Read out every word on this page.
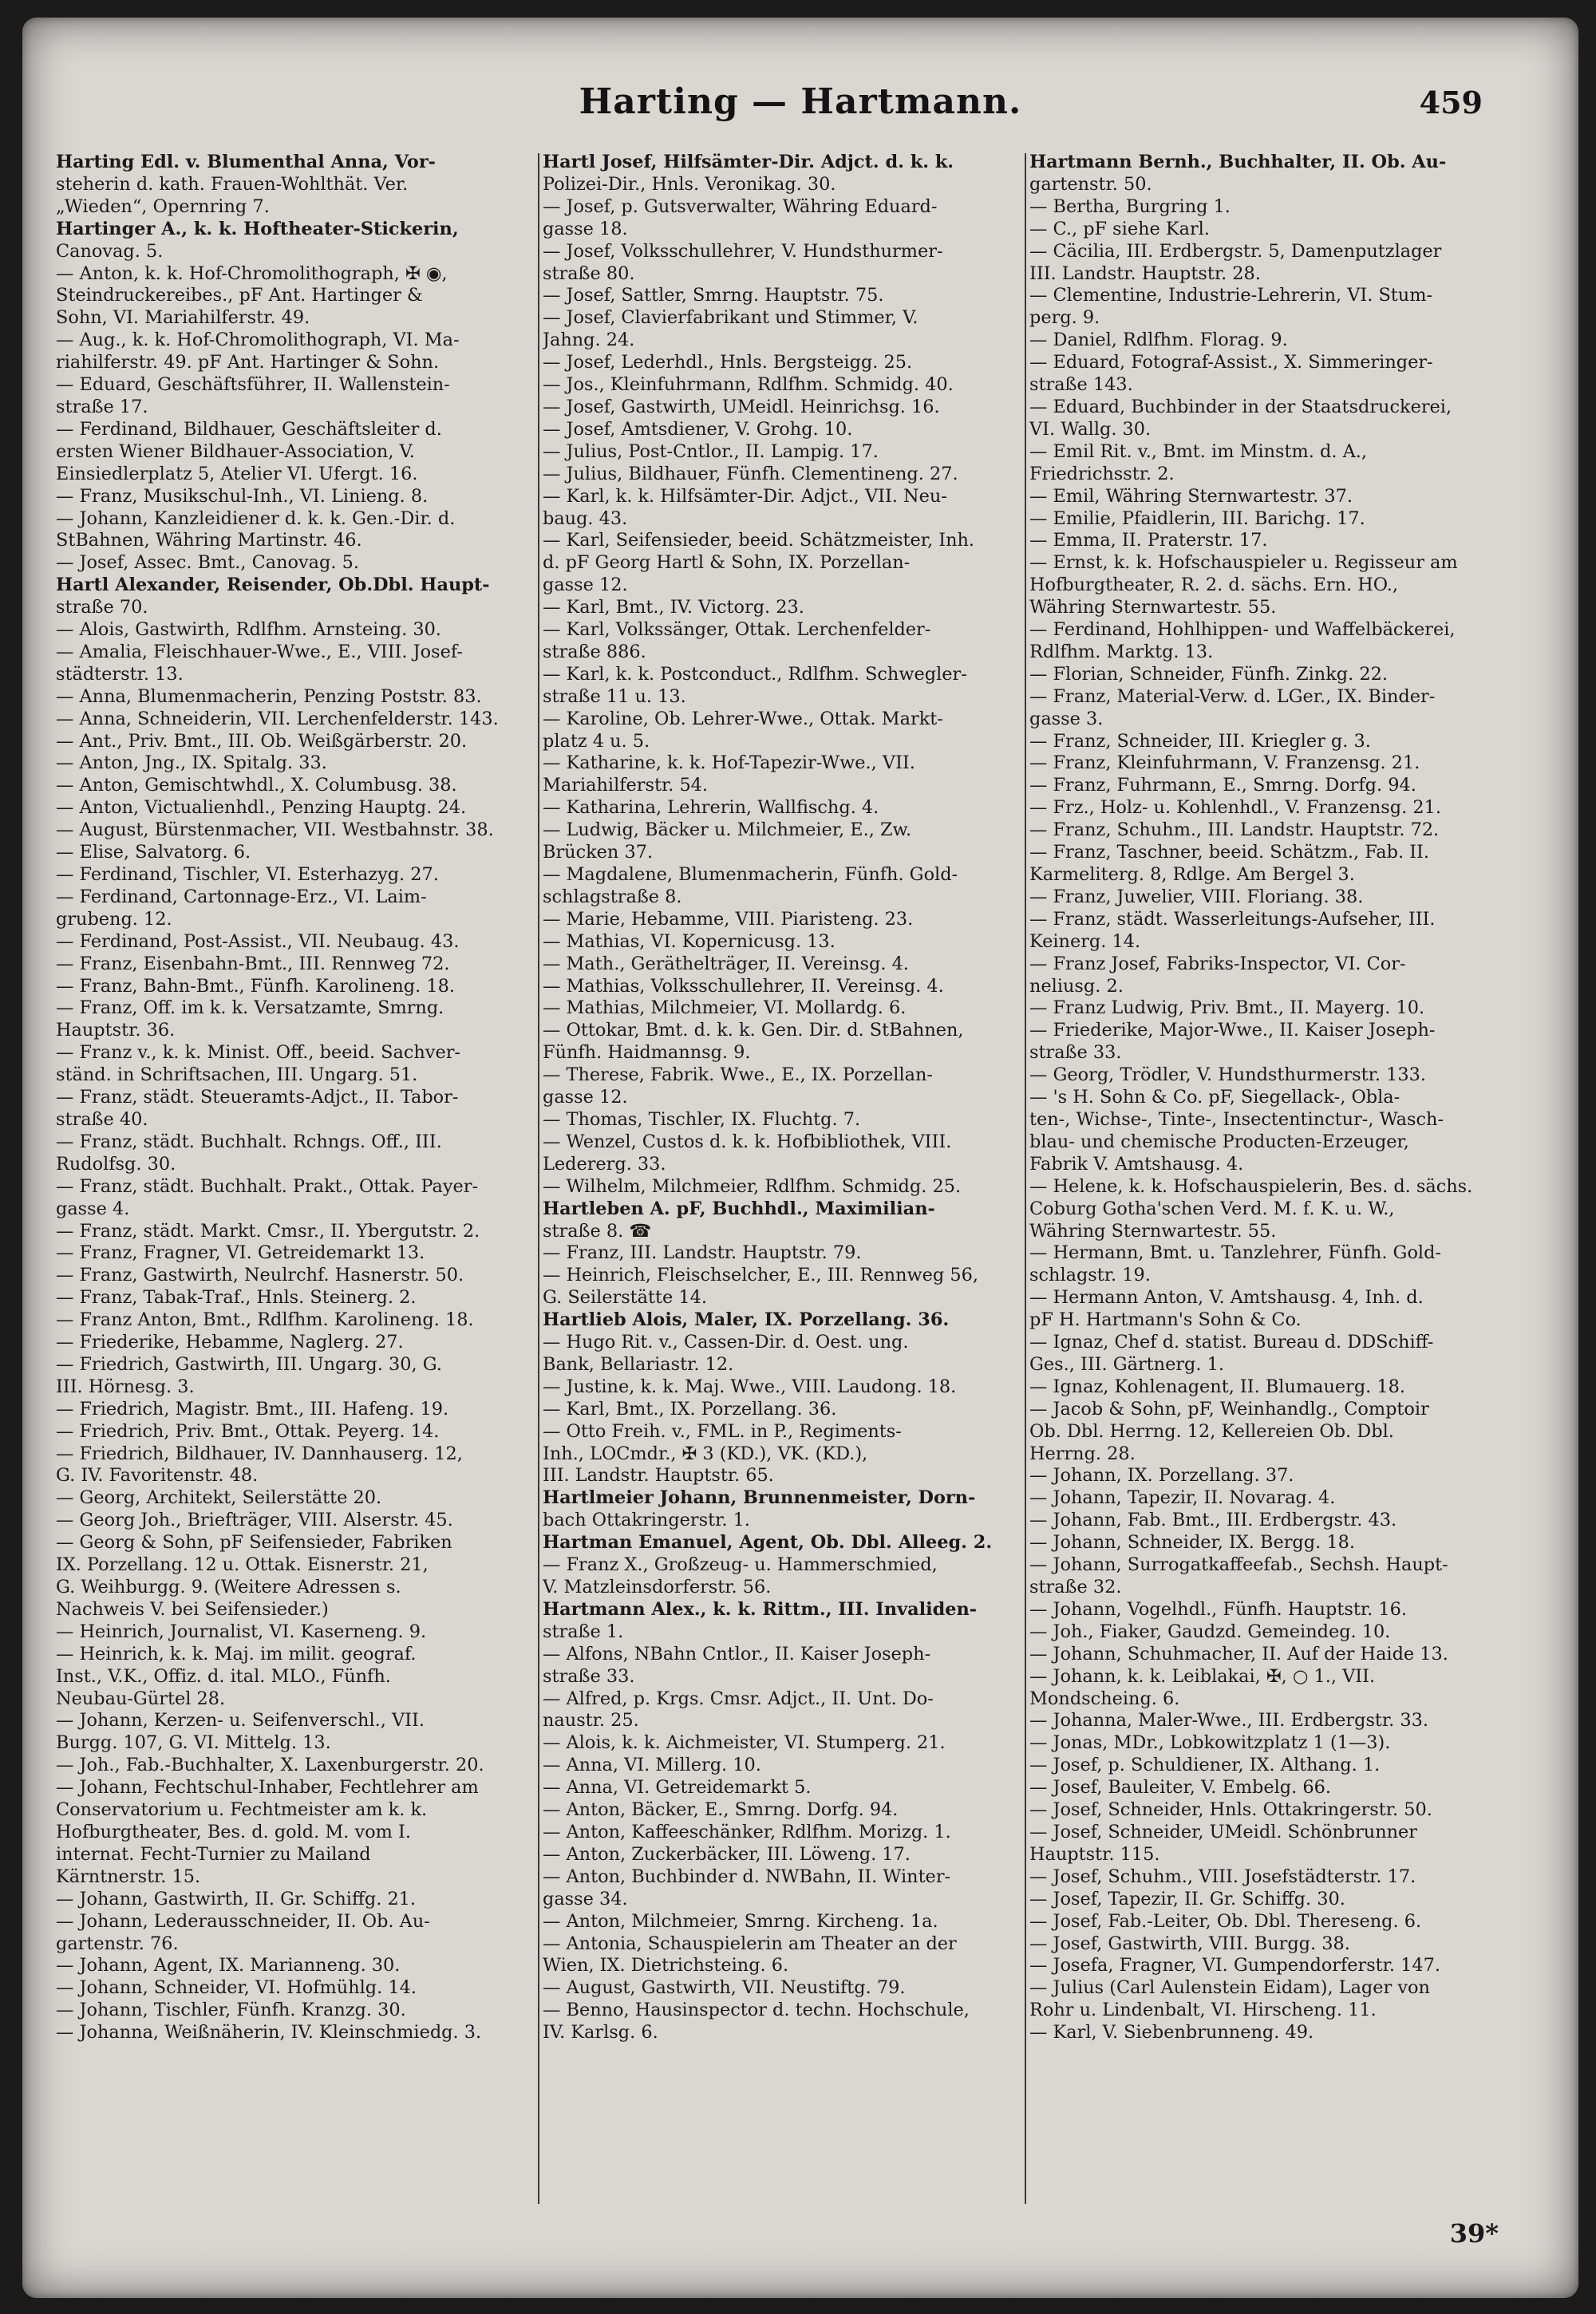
Harting — Hartmann.	459
Harting Edl. v. Blumenthal Anna, Vor-
steherin d. kath. Frauen-Wohlthät. Ver.
„Wieden“, Opernring 7.
Hartinger A., k. k. Hoftheater-Stickerin,
Canovag. 5.
— Anton, k. k. Hof-Chromolithograph, ✠ ◉,
Steindruckereibes., pF Ant. Hartinger &
Sohn, VI. Mariahilferstr. 49.
— Aug., k. k. Hof-Chromolithograph, VI. Ma-
riahilferstr. 49. pF Ant. Hartinger & Sohn.
— Eduard, Geschäftsführer, II. Wallenstein-
straße 17.
— Ferdinand, Bildhauer, Geschäftsleiter d.
ersten Wiener Bildhauer-Association, V.
Einsiedlerplatz 5, Atelier VI. Ufergt. 16.
— Franz, Musikschul-Inh., VI. Linieng. 8.
— Johann, Kanzleidiener d. k. k. Gen.-Dir. d.
StBahnen, Währing Martinstr. 46.
— Josef, Assec. Bmt., Canovag. 5.
Hartl Alexander, Reisender, Ob.Dbl. Haupt-
straße 70.
— Alois, Gastwirth, Rdlfhm. Arnsteing. 30.
— Amalia, Fleischhauer-Wwe., E., VIII. Josef-
städterstr. 13.
— Anna, Blumenmacherin, Penzing Poststr. 83.
— Anna, Schneiderin, VII. Lerchenfelderstr. 143.
— Ant., Priv. Bmt., III. Ob. Weißgärberstr. 20.
— Anton, Jng., IX. Spitalg. 33.
— Anton, Gemischtwhdl., X. Columbusg. 38.
— Anton, Victualienhdl., Penzing Hauptg. 24.
— August, Bürstenmacher, VII. Westbahnstr. 38.
— Elise, Salvatorg. 6.
— Ferdinand, Tischler, VI. Esterhazyg. 27.
— Ferdinand, Cartonnage-Erz., VI. Laim-
grubeng. 12.
— Ferdinand, Post-Assist., VII. Neubaug. 43.
— Franz, Eisenbahn-Bmt., III. Rennweg 72.
— Franz, Bahn-Bmt., Fünfh. Karolineng. 18.
— Franz, Off. im k. k. Versatzamte, Smrng.
Hauptstr. 36.
— Franz v., k. k. Minist. Off., beeid. Sachver-
ständ. in Schriftsachen, III. Ungarg. 51.
— Franz, städt. Steueramts-Adjct., II. Tabor-
straße 40.
— Franz, städt. Buchhalt. Rchngs. Off., III.
Rudolfsg. 30.
— Franz, städt. Buchhalt. Prakt., Ottak. Payer-
gasse 4.
— Franz, städt. Markt. Cmsr., II. Ybergutstr. 2.
— Franz, Fragner, VI. Getreidemarkt 13.
— Franz, Gastwirth, Neulrchf. Hasnerstr. 50.
— Franz, Tabak-Traf., Hnls. Steinerg. 2.
— Franz Anton, Bmt., Rdlfhm. Karolineng. 18.
— Friederike, Hebamme, Naglerg. 27.
— Friedrich, Gastwirth, III. Ungarg. 30, G.
III. Hörnesg. 3.
— Friedrich, Magistr. Bmt., III. Hafeng. 19.
— Friedrich, Priv. Bmt., Ottak. Peyerg. 14.
— Friedrich, Bildhauer, IV. Dannhauserg. 12,
G. IV. Favoritenstr. 48.
— Georg, Architekt, Seilerstätte 20.
— Georg Joh., Briefträger, VIII. Alserstr. 45.
— Georg & Sohn, pF Seifensieder, Fabriken
IX. Porzellang. 12 u. Ottak. Eisnerstr. 21,
G. Weihburgg. 9. (Weitere Adressen s.
Nachweis V. bei Seifensieder.)
— Heinrich, Journalist, VI. Kaserneng. 9.
— Heinrich, k. k. Maj. im milit. geograf.
Inst., V.K., Offiz. d. ital. MLO., Fünfh.
Neubau-Gürtel 28.
— Johann, Kerzen- u. Seifenverschl., VII.
Burgg. 107, G. VI. Mittelg. 13.
— Joh., Fab.-Buchhalter, X. Laxenburgerstr. 20.
— Johann, Fechtschul-Inhaber, Fechtlehrer am
Conservatorium u. Fechtmeister am k. k.
Hofburgtheater, Bes. d. gold. M. vom I.
internat. Fecht-Turnier zu Mailand
Kärntnerstr. 15.
— Johann, Gastwirth, II. Gr. Schiffg. 21.
— Johann, Lederausschneider, II. Ob. Au-
gartenstr. 76.
— Johann, Agent, IX. Marianneng. 30.
— Johann, Schneider, VI. Hofmühlg. 14.
— Johann, Tischler, Fünfh. Kranzg. 30.
— Johanna, Weißnäherin, IV. Kleinschmiedg. 3.
Hartl Josef, Hilfsämter-Dir. Adjct. d. k. k.
Polizei-Dir., Hnls. Veronikag. 30.
— Josef, p. Gutsverwalter, Währing Eduard-
gasse 18.
— Josef, Volksschullehrer, V. Hundsthurmer-
straße 80.
— Josef, Sattler, Smrng. Hauptstr. 75.
— Josef, Clavierfabrikant und Stimmer, V.
Jahng. 24.
— Josef, Lederhdl., Hnls. Bergsteigg. 25.
— Jos., Kleinfuhrmann, Rdlfhm. Schmidg. 40.
— Josef, Gastwirth, UMeidl. Heinrichsg. 16.
— Josef, Amtsdiener, V. Grohg. 10.
— Julius, Post-Cntlor., II. Lampig. 17.
— Julius, Bildhauer, Fünfh. Clementineng. 27.
— Karl, k. k. Hilfsämter-Dir. Adjct., VII. Neu-
baug. 43.
— Karl, Seifensieder, beeid. Schätzmeister, Inh.
d. pF Georg Hartl & Sohn, IX. Porzellan-
gasse 12.
— Karl, Bmt., IV. Victorg. 23.
— Karl, Volkssänger, Ottak. Lerchenfelder-
straße 886.
— Karl, k. k. Postconduct., Rdlfhm. Schwegler-
straße 11 u. 13.
— Karoline, Ob. Lehrer-Wwe., Ottak. Markt-
platz 4 u. 5.
— Katharine, k. k. Hof-Tapezir-Wwe., VII.
Mariahilferstr. 54.
— Katharina, Lehrerin, Wallfischg. 4.
— Ludwig, Bäcker u. Milchmeier, E., Zw.
Brücken 37.
— Magdalene, Blumenmacherin, Fünfh. Gold-
schlagstraße 8.
— Marie, Hebamme, VIII. Piaristeng. 23.
— Mathias, VI. Kopernicusg. 13.
— Math., Geräthelträger, II. Vereinsg. 4.
— Mathias, Volksschullehrer, II. Vereinsg. 4.
— Mathias, Milchmeier, VI. Mollardg. 6.
— Ottokar, Bmt. d. k. k. Gen. Dir. d. StBahnen,
Fünfh. Haidmannsg. 9.
— Therese, Fabrik. Wwe., E., IX. Porzellan-
gasse 12.
— Thomas, Tischler, IX. Fluchtg. 7.
— Wenzel, Custos d. k. k. Hofbibliothek, VIII.
Ledererg. 33.
— Wilhelm, Milchmeier, Rdlfhm. Schmidg. 25.
Hartleben A. pF, Buchhdl., Maximilian-
straße 8. ☎
— Franz, III. Landstr. Hauptstr. 79.
— Heinrich, Fleischselcher, E., III. Rennweg 56,
G. Seilerstätte 14.
Hartlieb Alois, Maler, IX. Porzellang. 36.
— Hugo Rit. v., Cassen-Dir. d. Oest. ung.
Bank, Bellariastr. 12.
— Justine, k. k. Maj. Wwe., VIII. Laudong. 18.
— Karl, Bmt., IX. Porzellang. 36.
— Otto Freih. v., FML. in P., Regiments-
Inh., LOCmdr., ✠ 3 (KD.), VK. (KD.),
III. Landstr. Hauptstr. 65.
Hartlmeier Johann, Brunnenmeister, Dorn-
bach Ottakringerstr. 1.
Hartman Emanuel, Agent, Ob. Dbl. Alleeg. 2.
— Franz X., Großzeug- u. Hammerschmied,
V. Matzleinsdorferstr. 56.
Hartmann Alex., k. k. Rittm., III. Invaliden-
straße 1.
— Alfons, NBahn Cntlor., II. Kaiser Joseph-
straße 33.
— Alfred, p. Krgs. Cmsr. Adjct., II. Unt. Do-
naustr. 25.
— Alois, k. k. Aichmeister, VI. Stumperg. 21.
— Anna, VI. Millerg. 10.
— Anna, VI. Getreidemarkt 5.
— Anton, Bäcker, E., Smrng. Dorfg. 94.
— Anton, Kaffeeschänker, Rdlfhm. Morizg. 1.
— Anton, Zuckerbäcker, III. Löweng. 17.
— Anton, Buchbinder d. NWBahn, II. Winter-
gasse 34.
— Anton, Milchmeier, Smrng. Kircheng. 1a.
— Antonia, Schauspielerin am Theater an der
Wien, IX. Dietrichsteing. 6.
— August, Gastwirth, VII. Neustiftg. 79.
— Benno, Hausinspector d. techn. Hochschule,
IV. Karlsg. 6.
Hartmann Bernh., Buchhalter, II. Ob. Au-
gartenstr. 50.
— Bertha, Burgring 1.
— C., pF siehe Karl.
— Cäcilia, III. Erdbergstr. 5, Damenputzlager
III. Landstr. Hauptstr. 28.
— Clementine, Industrie-Lehrerin, VI. Stum-
perg. 9.
— Daniel, Rdlfhm. Florag. 9.
— Eduard, Fotograf-Assist., X. Simmeringer-
straße 143.
— Eduard, Buchbinder in der Staatsdruckerei,
VI. Wallg. 30.
— Emil Rit. v., Bmt. im Minstm. d. A.,
Friedrichsstr. 2.
— Emil, Währing Sternwartestr. 37.
— Emilie, Pfaidlerin, III. Barichg. 17.
— Emma, II. Praterstr. 17.
— Ernst, k. k. Hofschauspieler u. Regisseur am
Hofburgtheater, R. 2. d. sächs. Ern. HO.,
Währing Sternwartestr. 55.
— Ferdinand, Hohlhippen- und Waffelbäckerei,
Rdlfhm. Marktg. 13.
— Florian, Schneider, Fünfh. Zinkg. 22.
— Franz, Material-Verw. d. LGer., IX. Binder-
gasse 3.
— Franz, Schneider, III. Kriegler g. 3.
— Franz, Kleinfuhrmann, V. Franzensg. 21.
— Franz, Fuhrmann, E., Smrng. Dorfg. 94.
— Frz., Holz- u. Kohlenhdl., V. Franzensg. 21.
— Franz, Schuhm., III. Landstr. Hauptstr. 72.
— Franz, Taschner, beeid. Schätzm., Fab. II.
Karmeliterg. 8, Rdlge. Am Bergel 3.
— Franz, Juwelier, VIII. Floriang. 38.
— Franz, städt. Wasserleitungs-Aufseher, III.
Keinerg. 14.
— Franz Josef, Fabriks-Inspector, VI. Cor-
neliusg. 2.
— Franz Ludwig, Priv. Bmt., II. Mayerg. 10.
— Friederike, Major-Wwe., II. Kaiser Joseph-
straße 33.
— Georg, Trödler, V. Hundsthurmerstr. 133.
— 's H. Sohn & Co. pF, Siegellack-, Obla-
ten-, Wichse-, Tinte-, Insectentinctur-, Wasch-
blau- und chemische Producten-Erzeuger,
Fabrik V. Amtshausg. 4.
— Helene, k. k. Hofschauspielerin, Bes. d. sächs.
Coburg Gotha'schen Verd. M. f. K. u. W.,
Währing Sternwartestr. 55.
— Hermann, Bmt. u. Tanzlehrer, Fünfh. Gold-
schlagstr. 19.
— Hermann Anton, V. Amtshausg. 4, Inh. d.
pF H. Hartmann's Sohn & Co.
— Ignaz, Chef d. statist. Bureau d. DDSchiff-
Ges., III. Gärtnerg. 1.
— Ignaz, Kohlenagent, II. Blumauerg. 18.
— Jacob & Sohn, pF, Weinhandlg., Comptoir
Ob. Dbl. Herrng. 12, Kellereien Ob. Dbl.
Herrng. 28.
— Johann, IX. Porzellang. 37.
— Johann, Tapezir, II. Novarag. 4.
— Johann, Fab. Bmt., III. Erdbergstr. 43.
— Johann, Schneider, IX. Bergg. 18.
— Johann, Surrogatkaffeefab., Sechsh. Haupt-
straße 32.
— Johann, Vogelhdl., Fünfh. Hauptstr. 16.
— Joh., Fiaker, Gaudzd. Gemeindeg. 10.
— Johann, Schuhmacher, II. Auf der Haide 13.
— Johann, k. k. Leiblakai, ✠, ○ 1., VII.
Mondscheing. 6.
— Johanna, Maler-Wwe., III. Erdbergstr. 33.
— Jonas, MDr., Lobkowitzplatz 1 (1—3).
— Josef, p. Schuldiener, IX. Althang. 1.
— Josef, Bauleiter, V. Embelg. 66.
— Josef, Schneider, Hnls. Ottakringerstr. 50.
— Josef, Schneider, UMeidl. Schönbrunner
Hauptstr. 115.
— Josef, Schuhm., VIII. Josefstädterstr. 17.
— Josef, Tapezir, II. Gr. Schiffg. 30.
— Josef, Fab.-Leiter, Ob. Dbl. Thereseng. 6.
— Josef, Gastwirth, VIII. Burgg. 38.
— Josefa, Fragner, VI. Gumpendorferstr. 147.
— Julius (Carl Aulenstein Eidam), Lager von
Rohr u. Lindenbalt, VI. Hirscheng. 11.
— Karl, V. Siebenbrunneng. 49.
39*
